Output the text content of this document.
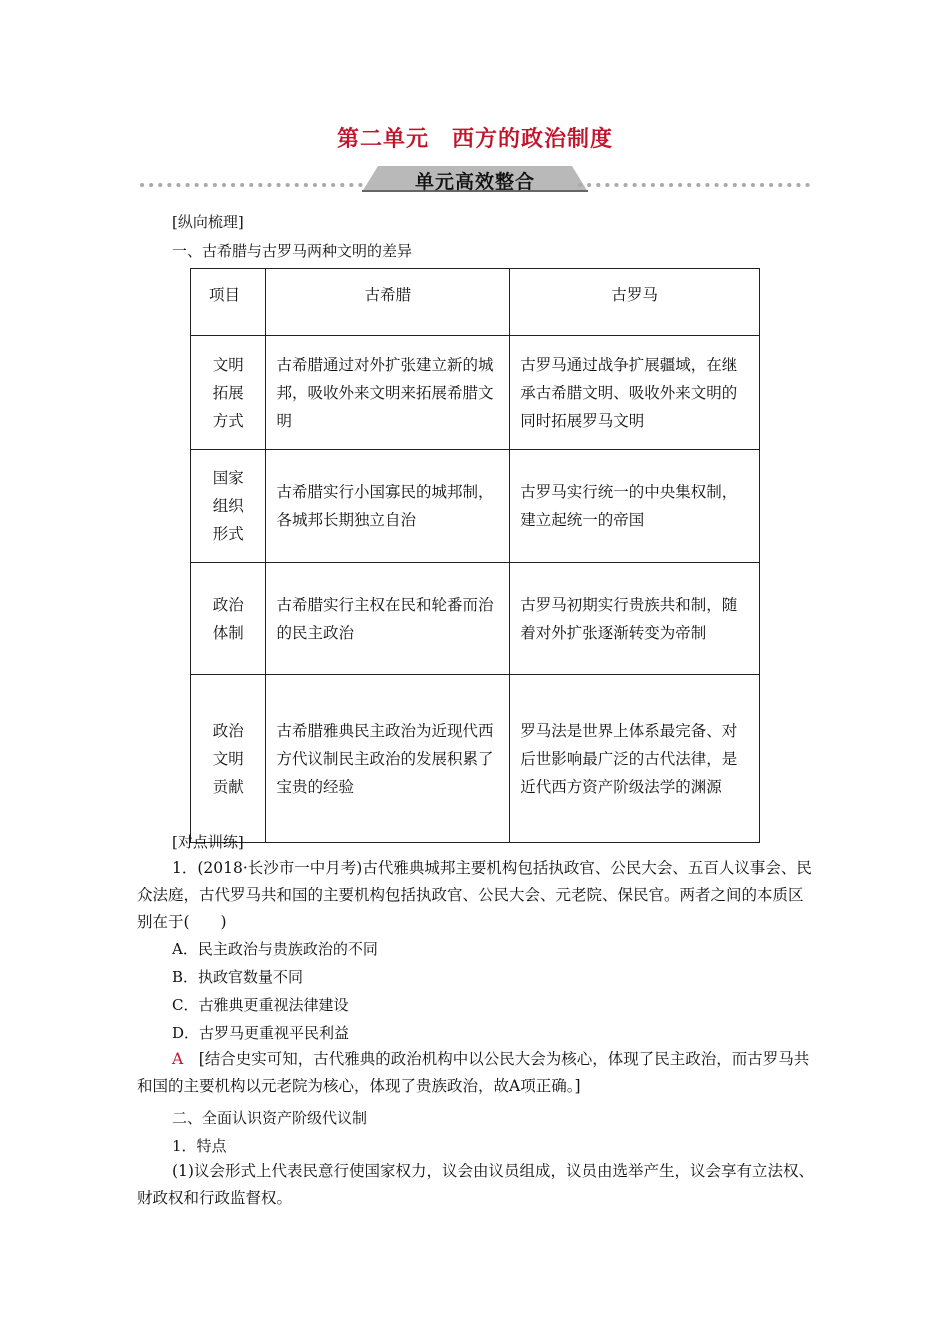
第二单元　西方的政治制度
单元高效整合
[纵向梳理]
一、古希腊与古罗马两种文明的差异
项目	古希腊	古罗马

文明
拓展
方式	古希腊通过对外扩张建立新的城邦，吸收外来文明来拓展希腊文明	古罗马通过战争扩展疆域，在继承古希腊文明、吸收外来文明的同时拓展罗马文明

国家
组织
形式	古希腊实行小国寡民的城邦制，各城邦长期独立自治	古罗马实行统一的中央集权制，建立起统一的帝国

政治
体制	古希腊实行主权在民和轮番而治的民主政治	古罗马初期实行贵族共和制，随着对外扩张逐渐转变为帝制

政治
文明
贡献	古希腊雅典民主政治为近现代西方代议制民主政治的发展积累了宝贵的经验	罗马法是世界上体系最完备、对后世影响最广泛的古代法律，是近代西方资产阶级法学的渊源
[对点训练]
1．(2018·长沙市一中月考)古代雅典城邦主要机构包括执政官、公民大会、五百人议事会、民众法庭，古代罗马共和国的主要机构包括执政官、公民大会、元老院、保民官。两者之间的本质区别在于(　　)
A．民主政治与贵族政治的不同
B．执政官数量不同
C．古雅典更重视法律建设
D．古罗马更重视平民利益
A　[结合史实可知，古代雅典的政治机构中以公民大会为核心，体现了民主政治，而古罗马共和国的主要机构以元老院为核心，体现了贵族政治，故A项正确。]
二、全面认识资产阶级代议制
1．特点
(1)议会形式上代表民意行使国家权力，议会由议员组成，议员由选举产生，议会享有立法权、财政权和行政监督权。
